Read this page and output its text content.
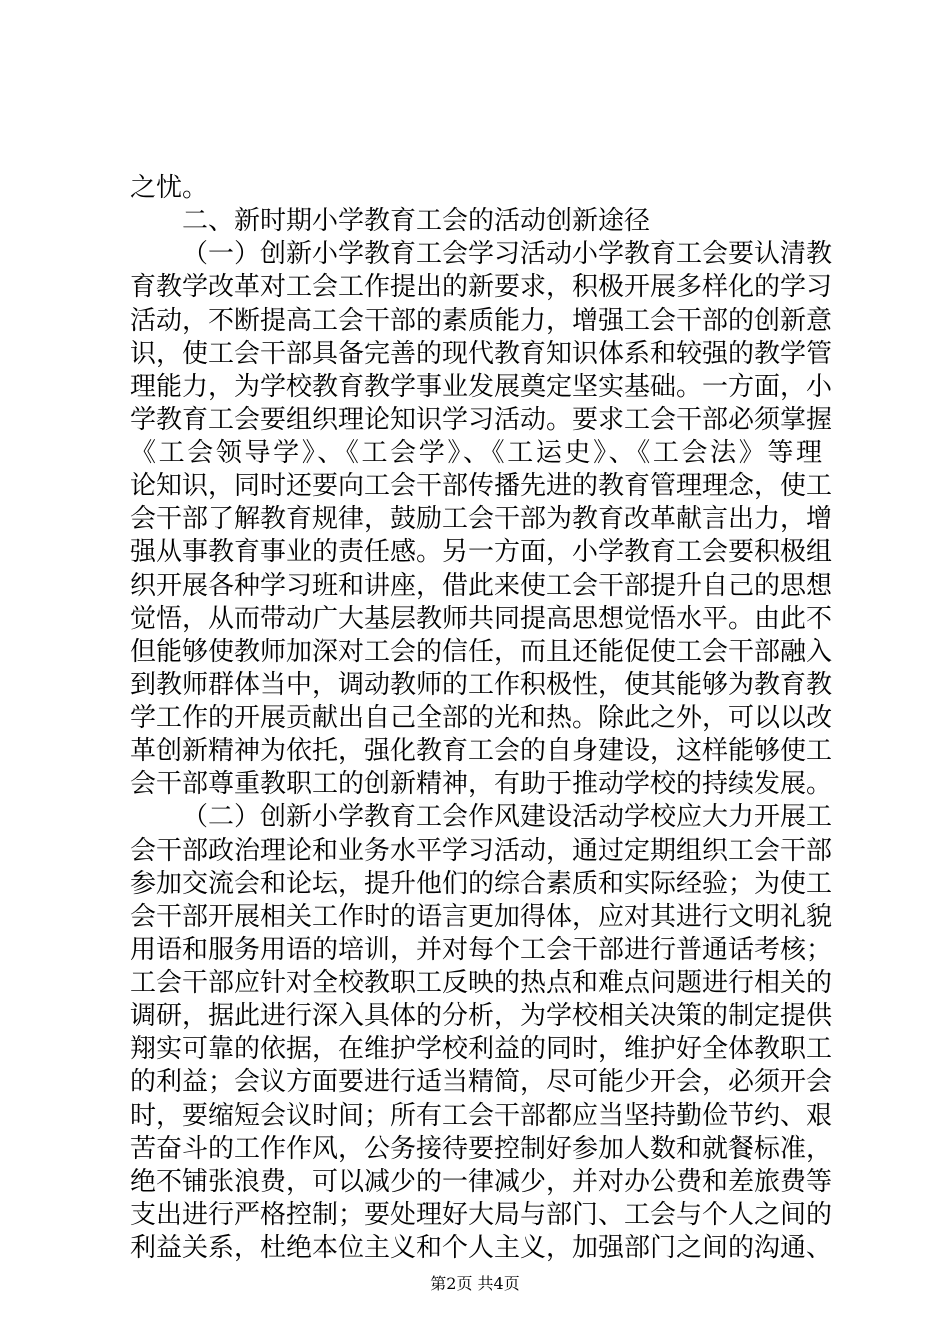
之忧。
二、新时期小学教育工会的活动创新途径
（一）创新小学教育工会学习活动小学教育工会要认清教
育教学改革对工会工作提出的新要求，积极开展多样化的学习
活动，不断提高工会干部的素质能力，增强工会干部的创新意
识，使工会干部具备完善的现代教育知识体系和较强的教学管
理能力，为学校教育教学事业发展奠定坚实基础。一方面，小
学教育工会要组织理论知识学习活动。要求工会干部必须掌握
《工会领导学》、《工会学》、《工运史》、《工会法》等理
论知识，同时还要向工会干部传播先进的教育管理理念，使工
会干部了解教育规律，鼓励工会干部为教育改革献言出力，增
强从事教育事业的责任感。另一方面，小学教育工会要积极组
织开展各种学习班和讲座，借此来使工会干部提升自己的思想
觉悟，从而带动广大基层教师共同提高思想觉悟水平。由此不
但能够使教师加深对工会的信任，而且还能促使工会干部融入
到教师群体当中，调动教师的工作积极性，使其能够为教育教
学工作的开展贡献出自己全部的光和热。除此之外，可以以改
革创新精神为依托，强化教育工会的自身建设，这样能够使工
会干部尊重教职工的创新精神，有助于推动学校的持续发展。
（二）创新小学教育工会作风建设活动学校应大力开展工
会干部政治理论和业务水平学习活动，通过定期组织工会干部
参加交流会和论坛，提升他们的综合素质和实际经验；为使工
会干部开展相关工作时的语言更加得体，应对其进行文明礼貌
用语和服务用语的培训，并对每个工会干部进行普通话考核；
工会干部应针对全校教职工反映的热点和难点问题进行相关的
调研，据此进行深入具体的分析，为学校相关决策的制定提供
翔实可靠的依据，在维护学校利益的同时，维护好全体教职工
的利益；会议方面要进行适当精简，尽可能少开会，必须开会
时，要缩短会议时间；所有工会干部都应当坚持勤俭节约、艰
苦奋斗的工作作风，公务接待要控制好参加人数和就餐标准，
绝不铺张浪费，可以减少的一律减少，并对办公费和差旅费等
支出进行严格控制；要处理好大局与部门、工会与个人之间的
利益关系，杜绝本位主义和个人主义，加强部门之间的沟通、
第2页 共4页
